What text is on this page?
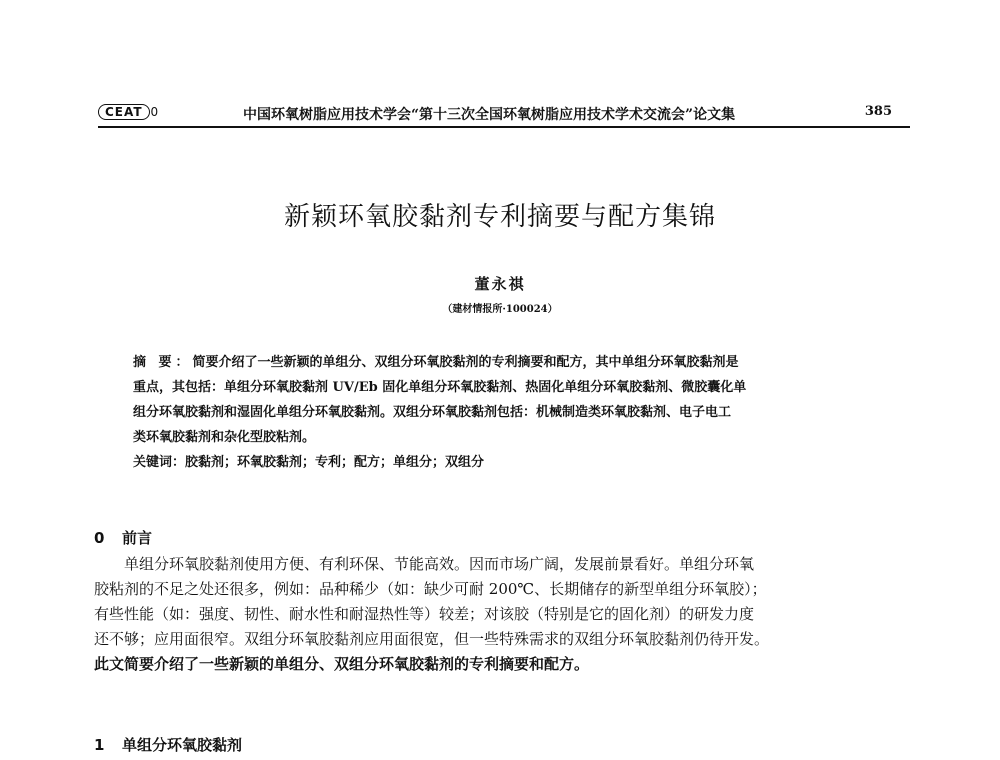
CEAT 0	中国环氧树脂应用技术学会“第十三次全国环氧树脂应用技术学术交流会”论文集	385
新颖环氧胶黏剂专利摘要与配方集锦
董永祺
（建材情报所·100024）

摘 要：简要介绍了一些新颖的单组分、双组分环氧胶黏剂的专利摘要和配方，其中单组分环氧胶黏剂是

重点，其包括：单组分环氧胶黏剂 UV/Eb 固化单组分环氧胶黏剂、热固化单组分环氧胶黏剂、微胶囊化单

组分环氧胶黏剂和湿固化单组分环氧胶黏剂。双组分环氧胶黏剂包括：机械制造类环氧胶黏剂、电子电工

类环氧胶黏剂和杂化型胶粘剂。

关键词：胶黏剂；环氧胶黏剂；专利；配方；单组分；双组分

0 前言

单组分环氧胶黏剂使用方便、有利环保、节能高效。因而市场广阔，发展前景看好。单组分环氧

胶粘剂的不足之处还很多，例如：品种稀少（如：缺少可耐 200℃、长期储存的新型单组分环氧胶）；
有些性能（如：强度、韧性、耐水性和耐湿热性等）较差；对该胶（特别是它的固化剂）的研发力度
还不够；应用面很窄。双组分环氧胶黏剂应用面很宽，但一些特殊需求的双组分环氧胶黏剂仍待开发。
此文简要介绍了一些新颖的单组分、双组分环氧胶黏剂的专利摘要和配方。
1 单组分环氧胶黏剂
